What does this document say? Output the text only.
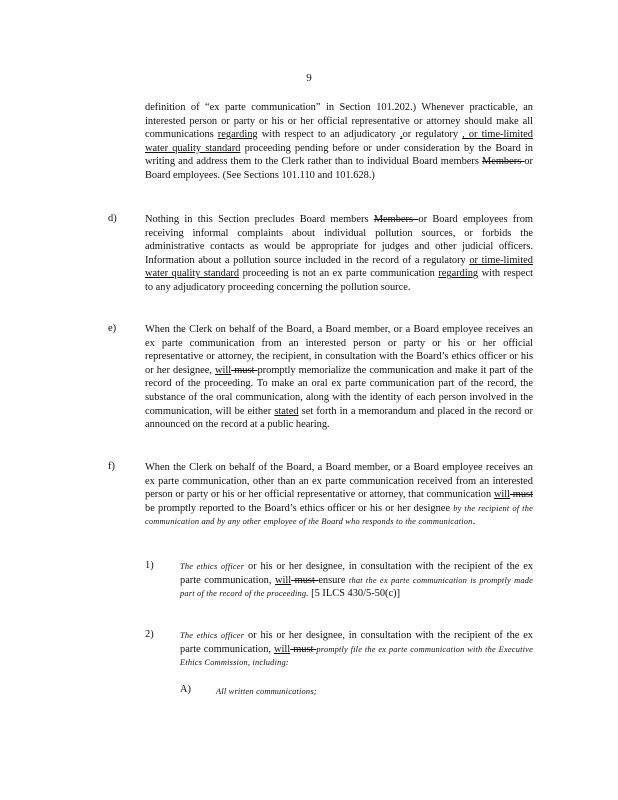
9
definition of “ex parte communication” in Section 101.202.) Whenever practicable, an interested person or party or his or her official representative or attorney should make all communications regarding with respect to an adjudicatory ,or regulatory , or time-limited water quality standard proceeding pending before or under consideration by the Board in writing and address them to the Clerk rather than to individual Board members Members or Board employees. (See Sections 101.110 and 101.628.)
d)	Nothing in this Section precludes Board members Members or Board employees from receiving informal complaints about individual pollution sources, or forbids the administrative contacts as would be appropriate for judges and other judicial officers. Information about a pollution source included in the record of a regulatory or time-limited water quality standard proceeding is not an ex parte communication regarding with respect to any adjudicatory proceeding concerning the pollution source.
e)	When the Clerk on behalf of the Board, a Board member, or a Board employee receives an ex parte communication from an interested person or party or his or her official representative or attorney, the recipient, in consultation with the Board’s ethics officer or his or her designee, will must promptly memorialize the communication and make it part of the record of the proceeding. To make an oral ex parte communication part of the record, the substance of the oral communication, along with the identity of each person involved in the communication, will be either stated set forth in a memorandum and placed in the record or announced on the record at a public hearing.
f)	When the Clerk on behalf of the Board, a Board member, or a Board employee receives an ex parte communication, other than an ex parte communication received from an interested person or party or his or her official representative or attorney, that communication will must be promptly reported to the Board’s ethics officer or his or her designee by the recipient of the communication and by any other employee of the Board who responds to the communication.
1)	The ethics officer or his or her designee, in consultation with the recipient of the ex parte communication, will must ensure that the ex parte communication is promptly made part of the record of the proceeding. [5 ILCS 430/5-50(c)]
2)	The ethics officer or his or her designee, in consultation with the recipient of the ex parte communication, will must promptly file the ex parte communication with the Executive Ethics Commission, including:
A)	All written communications;
